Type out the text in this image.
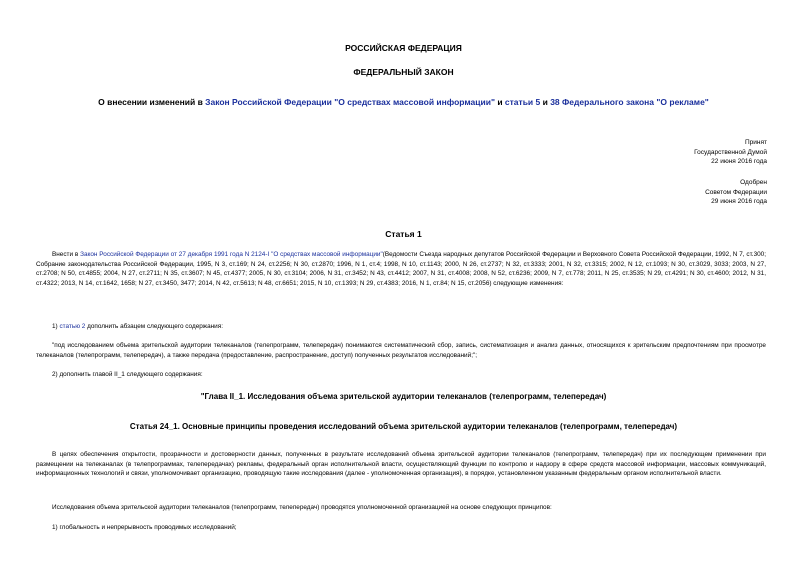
РОССИЙСКАЯ ФЕДЕРАЦИЯ
ФЕДЕРАЛЬНЫЙ ЗАКОН
О внесении изменений в Закон Российской Федерации "О средствах массовой информации" и статьи 5 и 38 Федерального закона "О рекламе"
Принят
Государственной Думой
22 июня 2016 года
Одобрен
Советом Федерации
29 июня 2016 года
Статья 1
Внести в Закон Российской Федерации от 27 декабря 1991 года N 2124-I "О средствах массовой информации"(Ведомости Съезда народных депутатов Российской Федерации и Верховного Совета Российской Федерации, 1992, N 7, ст.300; Собрание законодательства Российской Федерации, 1995, N 3, ст.169; N 24, ст.2256; N 30, ст.2870; 1996, N 1, ст.4; 1998, N 10, ст.1143; 2000, N 26, ст.2737; N 32, ст.3333; 2001, N 32, ст.3315; 2002, N 12, ст.1093; N 30, ст.3029, 3033; 2003, N 27, ст.2708; N 50, ст.4855; 2004, N 27, ст.2711; N 35, ст.3607; N 45, ст.4377; 2005, N 30, ст.3104; 2006, N 31, ст.3452; N 43, ст.4412; 2007, N 31, ст.4008; 2008, N 52, ст.6236; 2009, N 7, ст.778; 2011, N 25, ст.3535; N 29, ст.4291; N 30, ст.4600; 2012, N 31, ст.4322; 2013, N 14, ст.1642, 1658; N 27, ст.3450, 3477; 2014, N 42, ст.5613; N 48, ст.6651; 2015, N 10, ст.1393; N 29, ст.4383; 2016, N 1, ст.84; N 15, ст.2056) следующие изменения:
1) статью 2 дополнить абзацем следующего содержания:
"под исследованием объема зрительской аудитории телеканалов (телепрограмм, телепередач) понимаются систематический сбор, запись, систематизация и анализ данных, относящихся к зрительским предпочтениям при просмотре телеканалов (телепрограмм, телепередач), а также передача (предоставление, распространение, доступ) полученных результатов исследований;";
2) дополнить главой II_1 следующего содержания:
"Глава II_1. Исследования объема зрительской аудитории телеканалов (телепрограмм, телепередач)
Статья 24_1. Основные принципы проведения исследований объема зрительской аудитории телеканалов (телепрограмм, телепередач)
В целях обеспечения открытости, прозрачности и достоверности данных, полученных в результате исследований объема зрительской аудитории телеканалов (телепрограмм, телепередач) при их последующем применении при размещении на телеканалах (в телепрограммах, телепередачах) рекламы, федеральный орган исполнительной власти, осуществляющий функции по контролю и надзору в сфере средств массовой информации, массовых коммуникаций, информационных технологий и связи, уполномочивает организацию, проводящую такие исследования (далее - уполномоченная организация), в порядке, установленном указанным федеральным органом исполнительной власти.
Исследования объема зрительской аудитории телеканалов (телепрограмм, телепередач) проводятся уполномоченной организацией на основе следующих принципов:
1) глобальность и непрерывность проводимых исследований;
